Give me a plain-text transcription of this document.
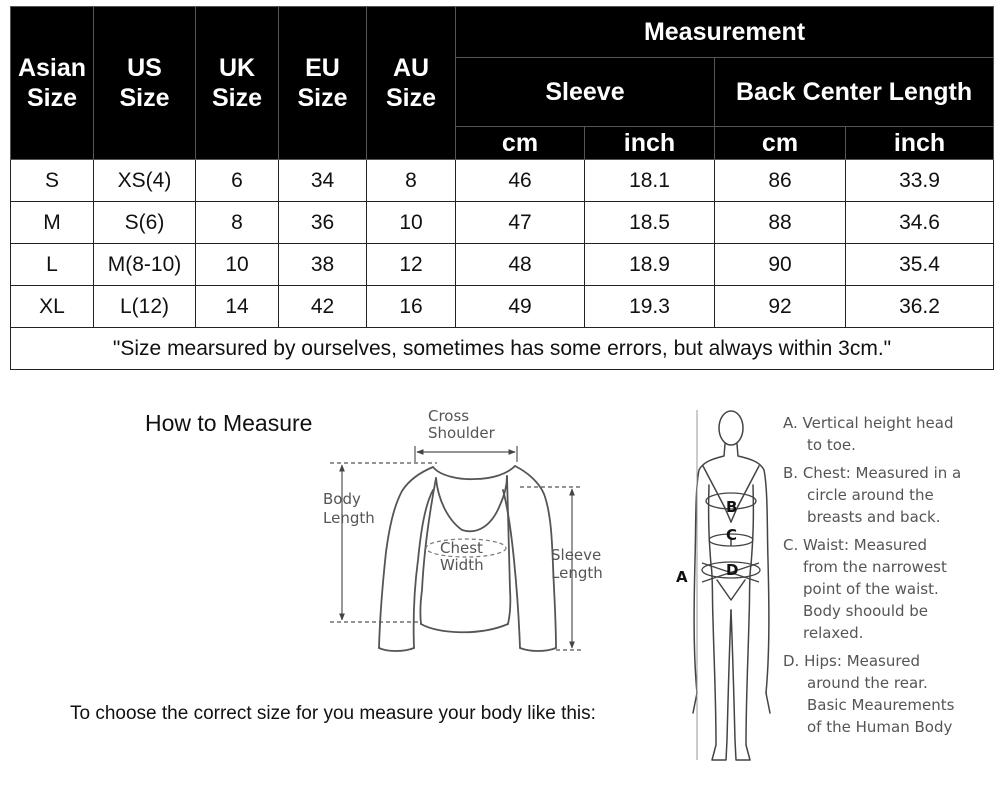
Asian
Size	US
Size	UK
Size	EU
Size	AU
Size	Measurement			
					Sleeve		Back Center Length	
					cm	inch	cm	inch
S	XS(4)	6	34	8	46	18.1	86	33.9
M	S(6)	8	36	10	47	18.5	88	34.6
L	M(8-10)	10	38	12	48	18.9	90	35.4
XL	L(12)	14	42	16	49	19.3	92	36.2
"Size mearsured by ourselves, sometimes has some errors, but always within 3cm."								
How to Measure
To choose the correct size for you measure your body like this:
Cross
Shoulder
Body
Length
Sleeve
Length
Chest
Width
B
C
D
A
A. Vertical height head
to toe.
B. Chest: Measured in a
circle around the
breasts and back.
C. Waist: Measured
from the narrowest
point of the waist.
Body shoould be
relaxed.
D. Hips: Measured
around the rear.
Basic Meaurements
of the Human Body
